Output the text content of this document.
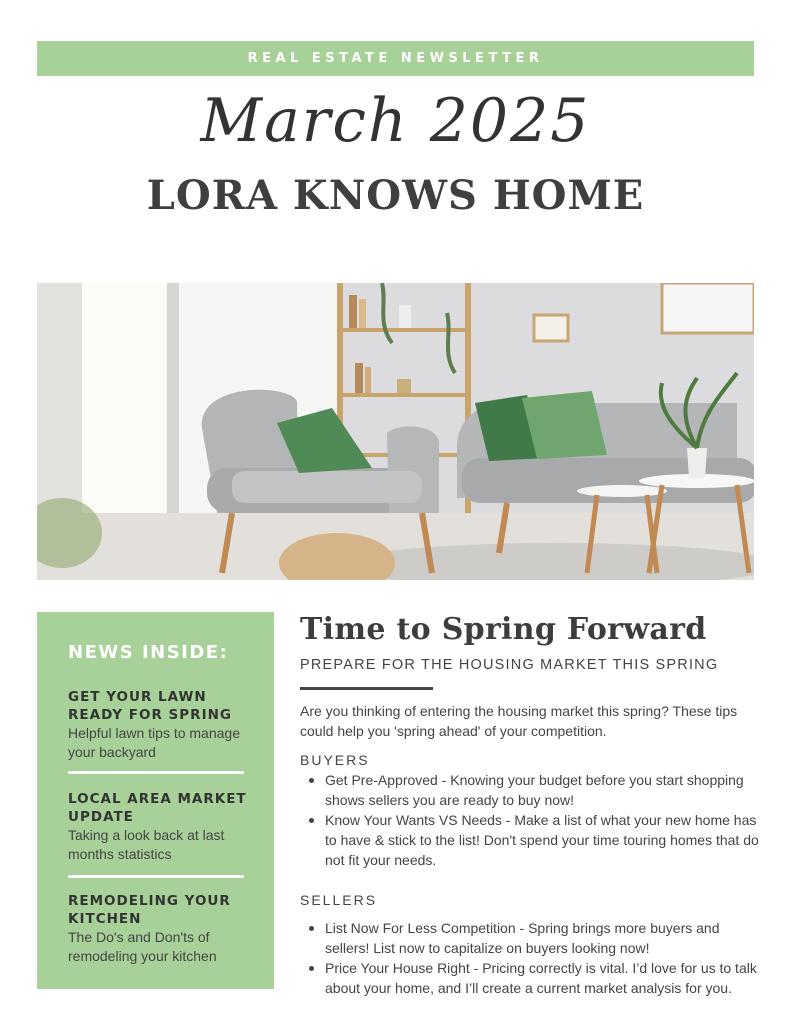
REAL ESTATE NEWSLETTER
March 2025
LORA KNOWS HOME
NEWS INSIDE:
GET YOUR LAWN READY FOR SPRING

Helpful lawn tips to manage your backyard

LOCAL AREA MARKET UPDATE

Taking a look back at last months statistics

REMODELING YOUR KITCHEN

The Do's and Don'ts of remodeling your kitchen

Time to Spring Forward
PREPARE FOR THE HOUSING MARKET THIS SPRING
Are you thinking of entering the housing market this spring? These tips could help you 'spring ahead' of your competition.
BUYERS
Get Pre-Approved - Knowing your budget before you start shopping shows sellers you are ready to buy now!
Know Your Wants VS Needs - Make a list of what your new home has to have & stick to the list! Don't spend your time touring homes that do not fit your needs.
SELLERS
List Now For Less Competition - Spring brings more buyers and sellers! List now to capitalize on buyers looking now!
Price Your House Right - Pricing correctly is vital. I’d love for us to talk about your home, and I’ll create a current market analysis for you.
